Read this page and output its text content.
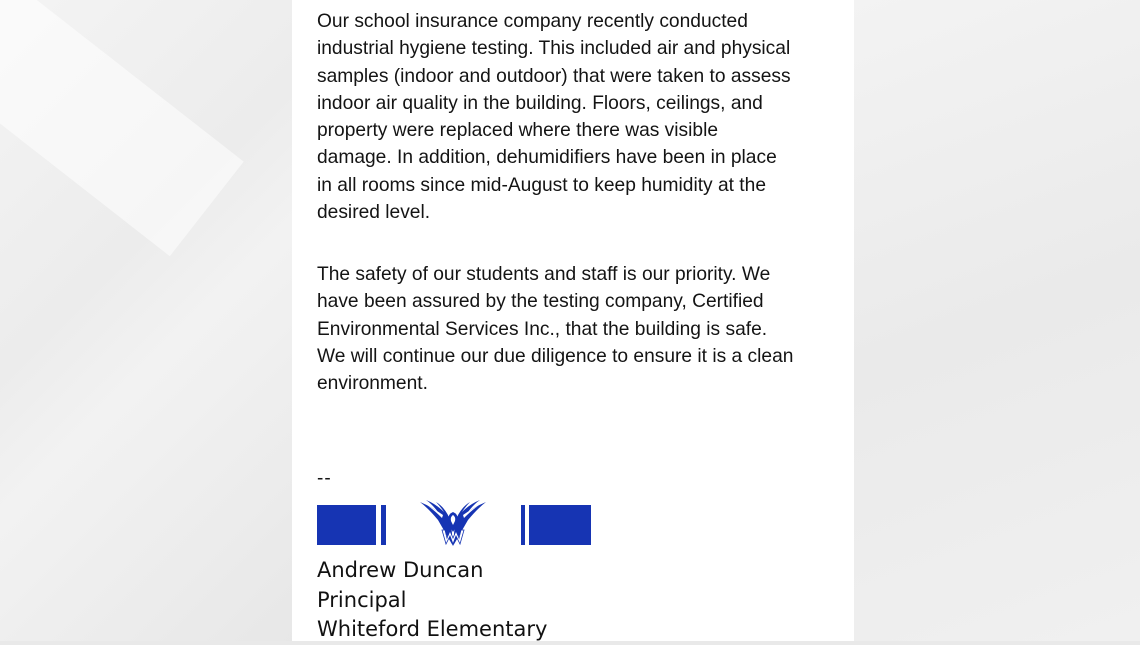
Our school insurance company recently conducted
industrial hygiene testing. This included air and physical
samples (indoor and outdoor) that were taken to assess
indoor air quality in the building. Floors, ceilings, and
property were replaced where there was visible
damage. In addition, dehumidifiers have been in place
in all rooms since mid-August to keep humidity at the
desired level.
The safety of our students and staff is our priority. We
have been assured by the testing company, Certified
Environmental Services Inc., that the building is safe.
We will continue our due diligence to ensure it is a clean
environment.
--
Andrew Duncan
Principal
Whiteford Elementary
